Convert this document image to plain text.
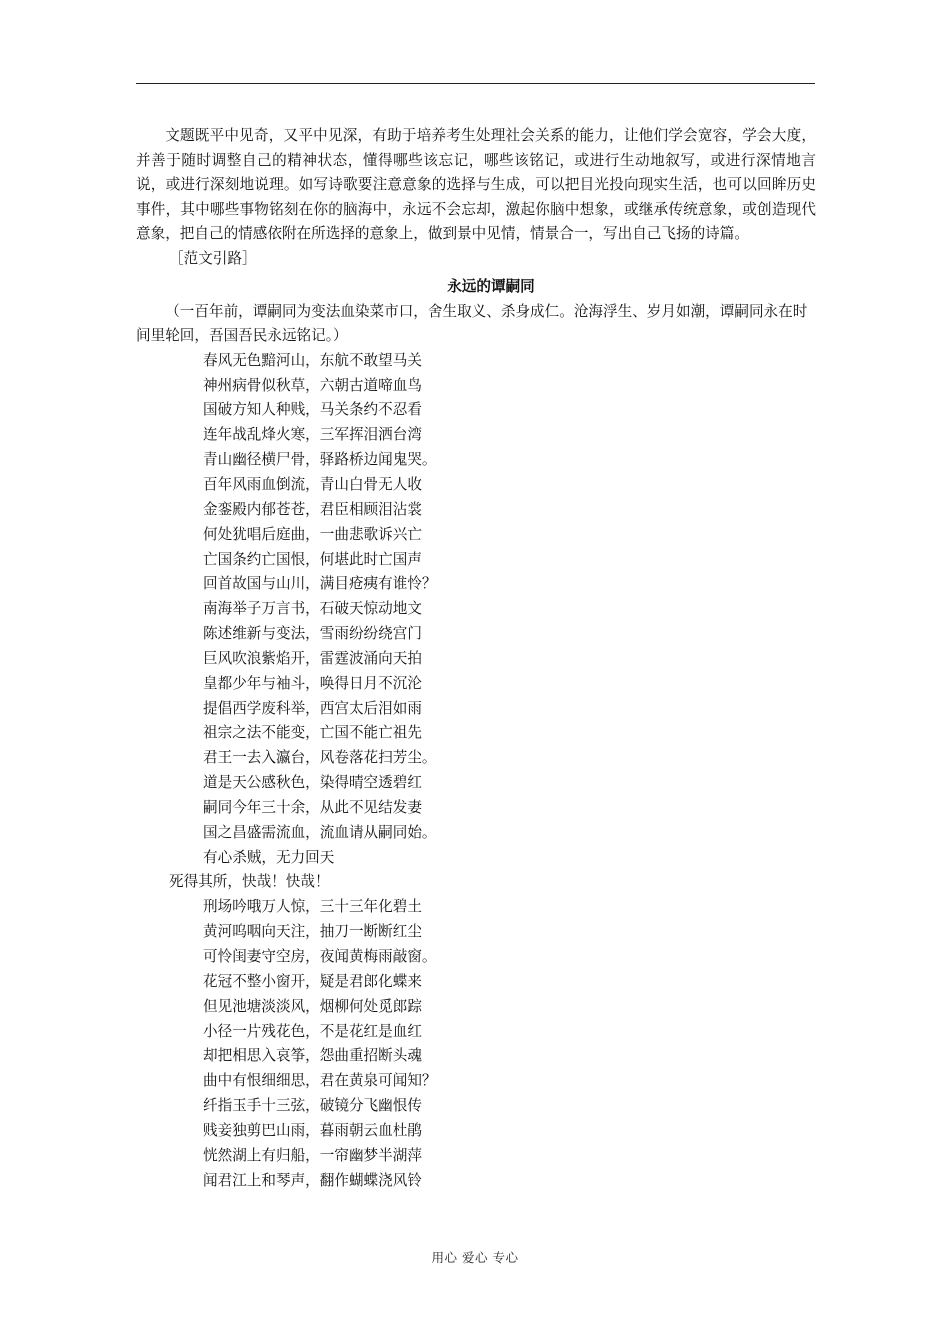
文题既平中见奇，又平中见深，有助于培养考生处理社会关系的能力，让他们学会宽容，学会大度，并善于随时调整自己的精神状态，懂得哪些该忘记，哪些该铭记，或进行生动地叙写，或进行深情地言说，或进行深刻地说理。如写诗歌要注意意象的选择与生成，可以把目光投向现实生活，也可以回眸历史事件，其中哪些事物铭刻在你的脑海中，永远不会忘却，激起你脑中想象，或继承传统意象，或创造现代意象，把自己的情感依附在所选择的意象上，做到景中见情，情景合一，写出自己飞扬的诗篇。

［范文引路］

永远的谭嗣同

（一百年前，谭嗣同为变法血染菜市口，舍生取义、杀身成仁。沧海浮生、岁月如潮，谭嗣同永在时间里轮回，吾国吾民永远铭记。）

春风无色黯河山，东航不敢望马关
神州病骨似秋草，六朝古道啼血鸟
国破方知人种贱，马关条约不忍看
连年战乱烽火寒，三军挥泪洒台湾
青山幽径横尸骨，驿路桥边闻鬼哭。
百年风雨血倒流，青山白骨无人收
金銮殿内郁苍苍，君臣相顾泪沾裳
何处犹唱后庭曲，一曲悲歌诉兴亡
亡国条约亡国恨，何堪此时亡国声
回首故国与山川，满目疮痍有谁怜？
南海举子万言书，石破天惊动地文
陈述维新与变法，雪雨纷纷绕宫门
巨风吹浪紫焰开，雷霆波涌向天拍
皇都少年与袖斗，唤得日月不沉沦
提倡西学废科举，西宫太后泪如雨
祖宗之法不能变，亡国不能亡祖先
君王一去入瀛台，风卷落花扫芳尘。
道是天公感秋色，染得晴空透碧红
嗣同今年三十余，从此不见结发妻
国之昌盛需流血，流血请从嗣同始。
有心杀贼，无力回天
死得其所，快哉！快哉！
刑场吟哦万人惊，三十三年化碧土
黄河呜咽向天注，抽刀一断断红尘
可怜闺妻守空房，夜闻黄梅雨敲窗。
花冠不整小窗开，疑是君郎化蝶来
但见池塘淡淡风，烟柳何处觅郎踪
小径一片残花色，不是花红是血红
却把相思入哀筝，怨曲重招断头魂
曲中有恨细细思，君在黄泉可闻知？
纤指玉手十三弦，破镜分飞幽恨传
贱妾独剪巴山雨，暮雨朝云血杜鹃
恍然湖上有归船，一帘幽梦半湖萍
闻君江上和琴声，翻作蝴蝶浇风铃
用心 爱心 专心
